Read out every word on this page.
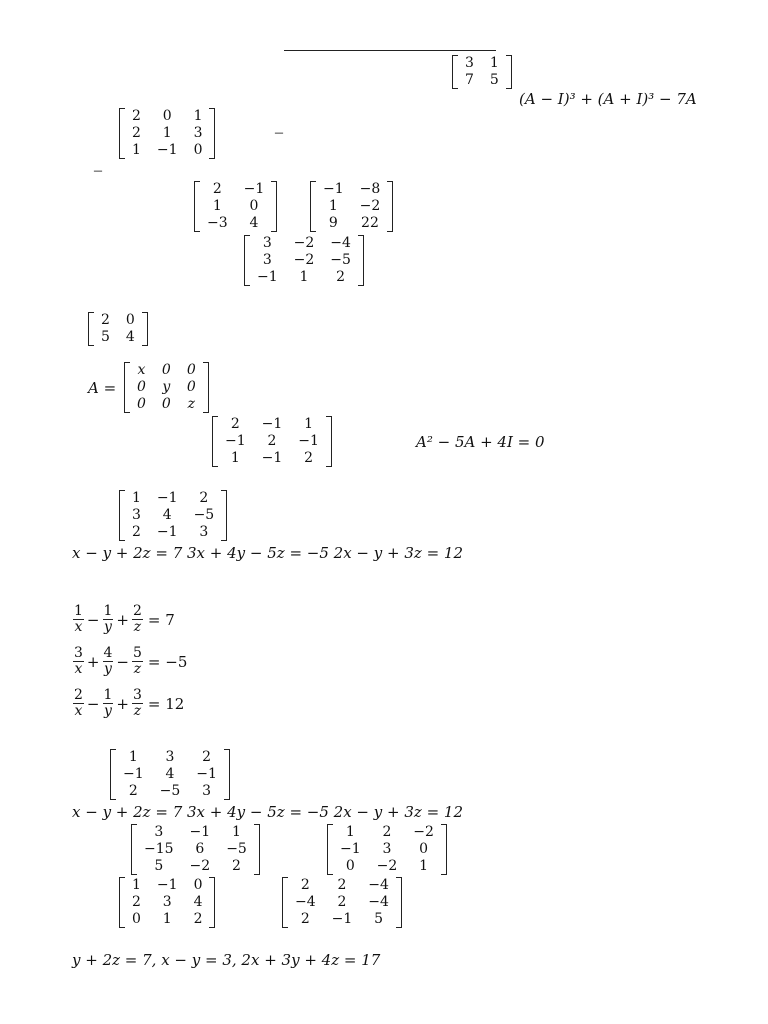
3	1
7	5
(A − I)³ + (A + I)³ − 7A
2	0	1
2	1	3
1	−1	0
–
–
2	−1
1	0
−3	4
−1	−8
1	−2
9	22
3	−2	−4
3	−2	−5
−1	1	2
2	0
5	4
A =
x	0	0
0	y	0
0	0	z
2	−1	1
−1	2	−1
1	−1	2
A² − 5A + 4I = 0
1	−1	2
3	4	−5
2	−1	3
x − y + 2z = 7 3x + 4y − 5z = −5 2x − y + 3z = 12
$\frac{1}{x} - \frac{1}{y} + \frac{2}{z} = 7$
$\frac{3}{x} + \frac{4}{y} - \frac{5}{z} = -5$
$\frac{2}{x} - \frac{1}{y} + \frac{3}{z} = 12$
1	3	2
−1	4	−1
2	−5	3
x − y + 2z = 7 3x + 4y − 5z = −5 2x − y + 3z = 12
3	−1	1
−15	6	−5
5	−2	2
1	2	−2
−1	3	0
0	−2	1
1	−1	0
2	3	4
0	1	2
2	2	−4
−4	2	−4
2	−1	5
y + 2z = 7, x − y = 3, 2x + 3y + 4z = 17
